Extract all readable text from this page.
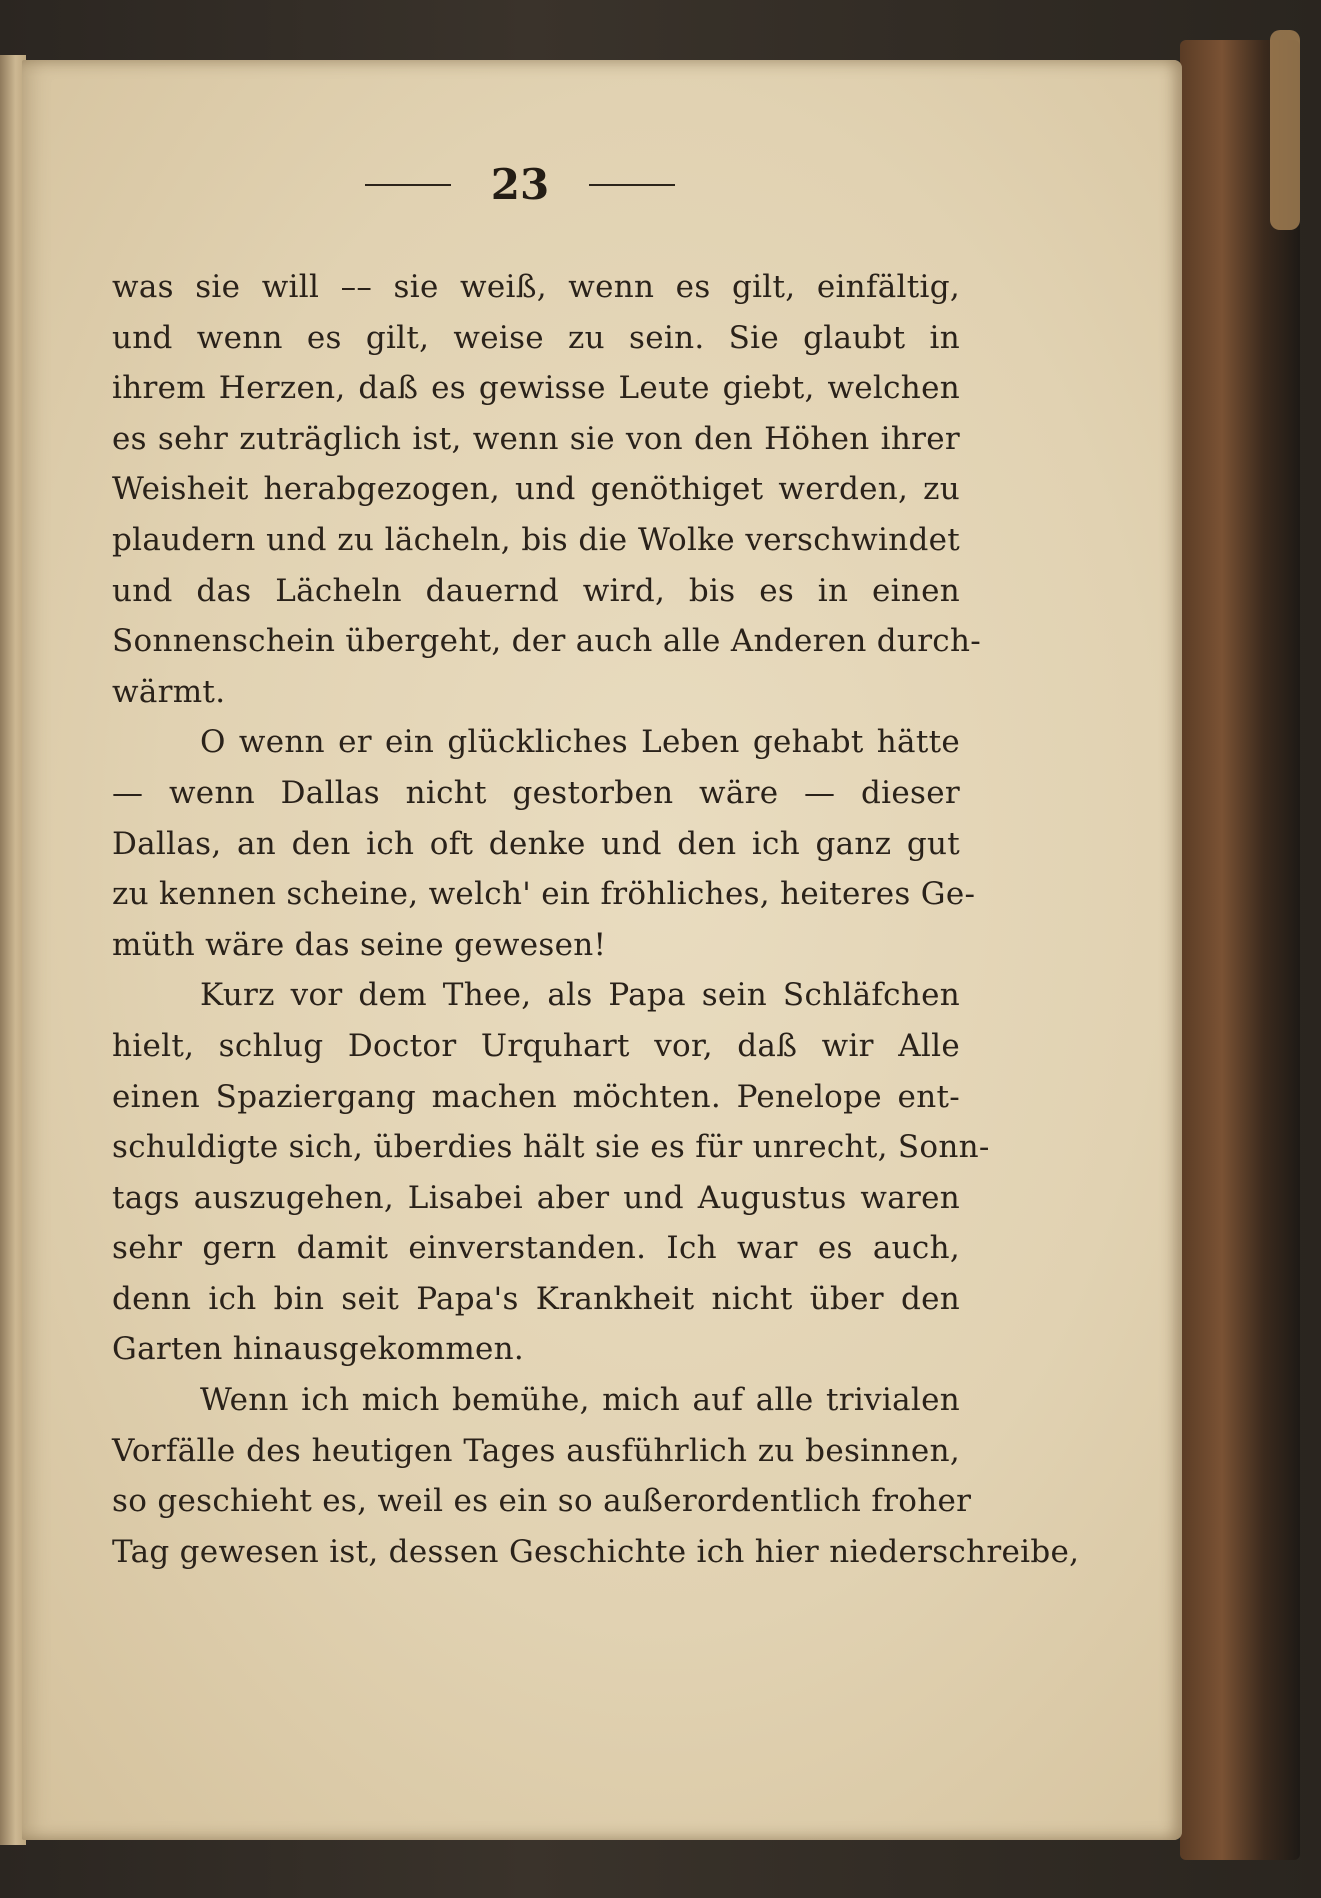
23
was sie will –– sie weiß, wenn es gilt, einfältig,
und wenn es gilt, weise zu sein. Sie glaubt in
ihrem Herzen, daß es gewisse Leute giebt, welchen
es sehr zuträglich ist, wenn sie von den Höhen ihrer
Weisheit herabgezogen, und genöthiget werden, zu
plaudern und zu lächeln, bis die Wolke verschwindet
und das Lächeln dauernd wird, bis es in einen
Sonnenschein übergeht, der auch alle Anderen durch-
wärmt.
O wenn er ein glückliches Leben gehabt hätte
— wenn Dallas nicht gestorben wäre — dieser
Dallas, an den ich oft denke und den ich ganz gut
zu kennen scheine, welch' ein fröhliches, heiteres Ge-
müth wäre das seine gewesen!
Kurz vor dem Thee, als Papa sein Schläfchen
hielt, schlug Doctor Urquhart vor, daß wir Alle
einen Spaziergang machen möchten. Penelope ent-
schuldigte sich, überdies hält sie es für unrecht, Sonn-
tags auszugehen, Lisabei aber und Augustus waren
sehr gern damit einverstanden. Ich war es auch,
denn ich bin seit Papa's Krankheit nicht über den
Garten hinausgekommen.
Wenn ich mich bemühe, mich auf alle trivialen
Vorfälle des heutigen Tages ausführlich zu besinnen,
so geschieht es, weil es ein so außerordentlich froher
Tag gewesen ist, dessen Geschichte ich hier niederschreibe,
